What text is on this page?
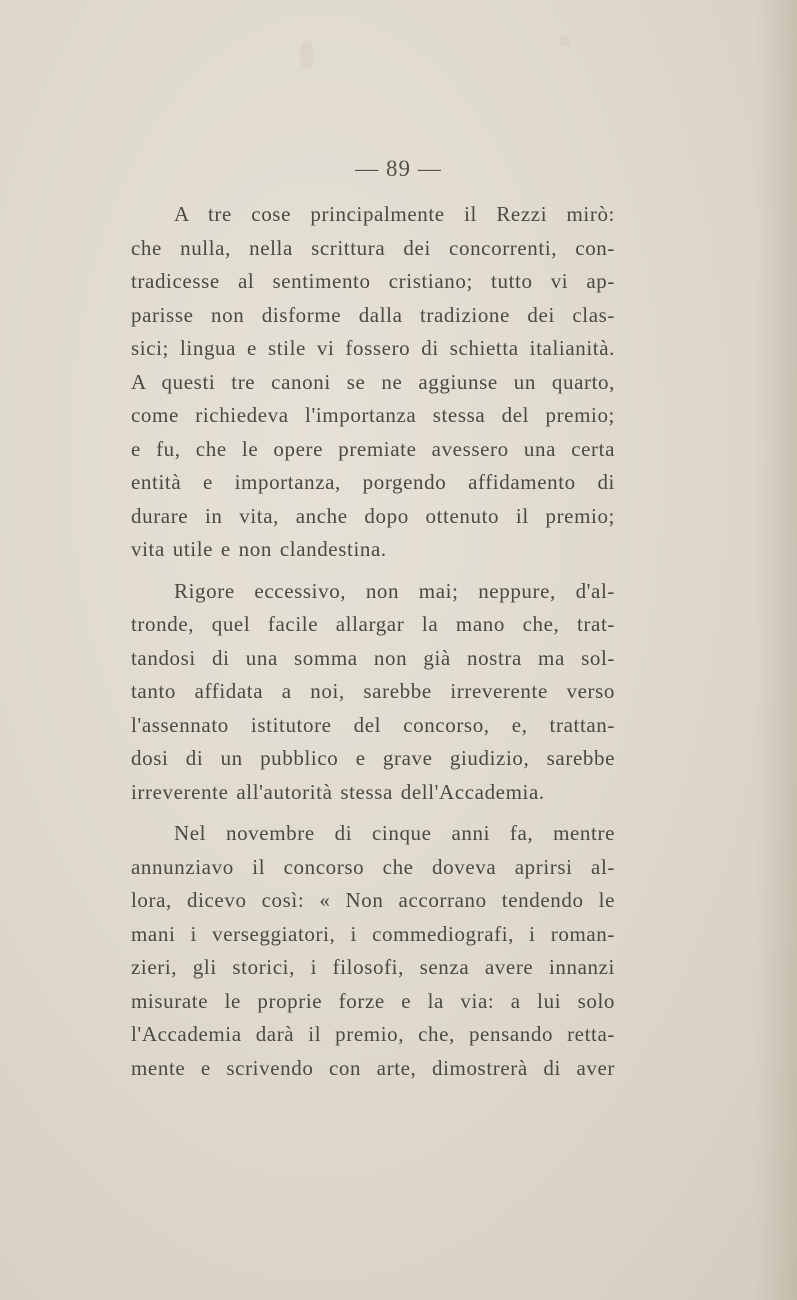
— 89 —
A tre cose principalmente il Rezzi mirò:
che nulla, nella scrittura dei concorrenti, con-
tradicesse al sentimento cristiano; tutto vi ap-
parisse non disforme dalla tradizione dei clas-
sici; lingua e stile vi fossero di schietta italianità.
A questi tre canoni se ne aggiunse un quarto,
come richiedeva l'importanza stessa del premio;
e fu, che le opere premiate avessero una certa
entità e importanza, porgendo affidamento di
durare in vita, anche dopo ottenuto il premio;
vita utile e non clandestina.
Rigore eccessivo, non mai; neppure, d'al-
tronde, quel facile allargar la mano che, trat-
tandosi di una somma non già nostra ma sol-
tanto affidata a noi, sarebbe irreverente verso
l'assennato istitutore del concorso, e, trattan-
dosi di un pubblico e grave giudizio, sarebbe
irreverente all'autorità stessa dell'Accademia.
Nel novembre di cinque anni fa, mentre
annunziavo il concorso che doveva aprirsi al-
lora, dicevo così: « Non accorrano tendendo le
mani i verseggiatori, i commediografi, i roman-
zieri, gli storici, i filosofi, senza avere innanzi
misurate le proprie forze e la via: a lui solo
l'Accademia darà il premio, che, pensando retta-
mente e scrivendo con arte, dimostrerà di aver
